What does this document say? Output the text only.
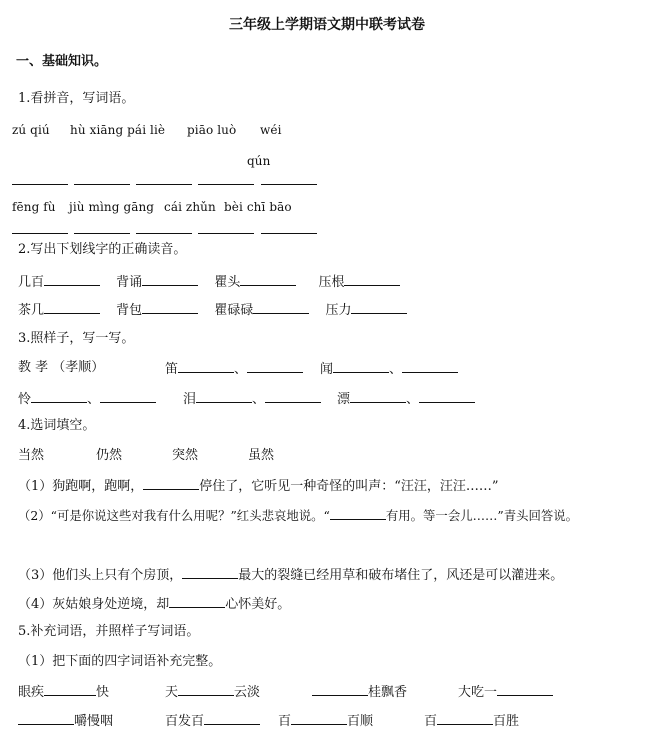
三年级上学期语文期中联考试卷
一、基础知识。
1.看拼音，写词语。
zú qiú hù xiāng pái liè piāo luò wéi
qún

fēng fù jiù mìng gāng cái zhǔn bèi chī bāo

2.写出下划线字的正确读音。
几百	背诵	瞿头	压根
茶几	背包	瞿碌碌	压力
3.照样子，写一写。
教 孝 （孝顺）	笛	、	闻	、
怜	、	泪	、	漂	、
4.选词填空。
当然	仍然	突然	虽然
（1）狗跑啊，跑啊，	停住了，它听见一种奇怪的叫声：“汪汪，汪汪……”
（2）“可是你说这些对我有什么用呢？”红头悲哀地说。“	有用。等一会儿……”青头回答说。
（3）他们头上只有个房顶，	最大的裂缝已经用草和破布堵住了，风还是可以灌进来。
（4）灰姑娘身处逆境，却	心怀美好。
5.补充词语，并照样子写词语。
（1）把下面的四字词语补充完整。
眼疾	快	天	云淡	桂飘香	大吃一
嚼慢咽	百发百	百	百顺	百	百胜
